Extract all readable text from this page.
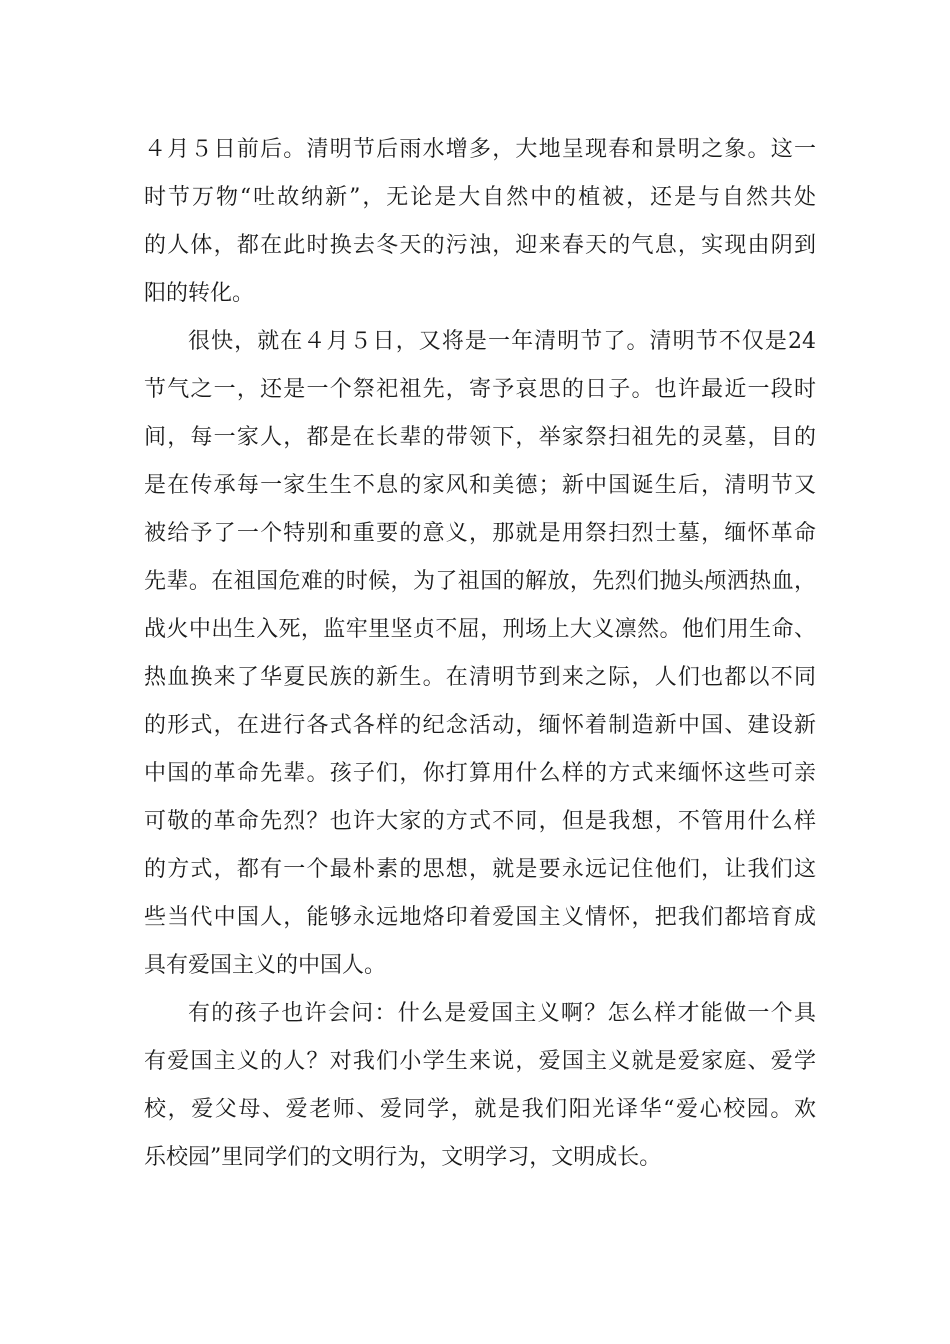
４月５日前后。清明节后雨水增多，大地呈现春和景明之象。这一
时节万物“吐故纳新”，无论是大自然中的植被，还是与自然共处
的人体，都在此时换去冬天的污浊，迎来春天的气息，实现由阴到
阳的转化。

很快，就在４月５日，又将是一年清明节了。清明节不仅是24
节气之一，还是一个祭祀祖先，寄予哀思的日子。也许最近一段时
间，每一家人，都是在长辈的带领下，举家祭扫祖先的灵墓，目的
是在传承每一家生生不息的家风和美德；新中国诞生后，清明节又
被给予了一个特别和重要的意义，那就是用祭扫烈士墓，缅怀革命
先辈。在祖国危难的时候，为了祖国的解放，先烈们抛头颅洒热血，
战火中出生入死，监牢里坚贞不屈，刑场上大义凛然。他们用生命、
热血换来了华夏民族的新生。在清明节到来之际，人们也都以不同
的形式，在进行各式各样的纪念活动，缅怀着制造新中国、建设新
中国的革命先辈。孩子们，你打算用什么样的方式来缅怀这些可亲
可敬的革命先烈？也许大家的方式不同，但是我想，不管用什么样
的方式，都有一个最朴素的思想，就是要永远记住他们，让我们这
些当代中国人，能够永远地烙印着爱国主义情怀，把我们都培育成
具有爱国主义的中国人。

有的孩子也许会问：什么是爱国主义啊？怎么样才能做一个具
有爱国主义的人？对我们小学生来说，爱国主义就是爱家庭、爱学
校，爱父母、爱老师、爱同学，就是我们阳光译华“爱心校园。欢
乐校园”里同学们的文明行为，文明学习，文明成长。
